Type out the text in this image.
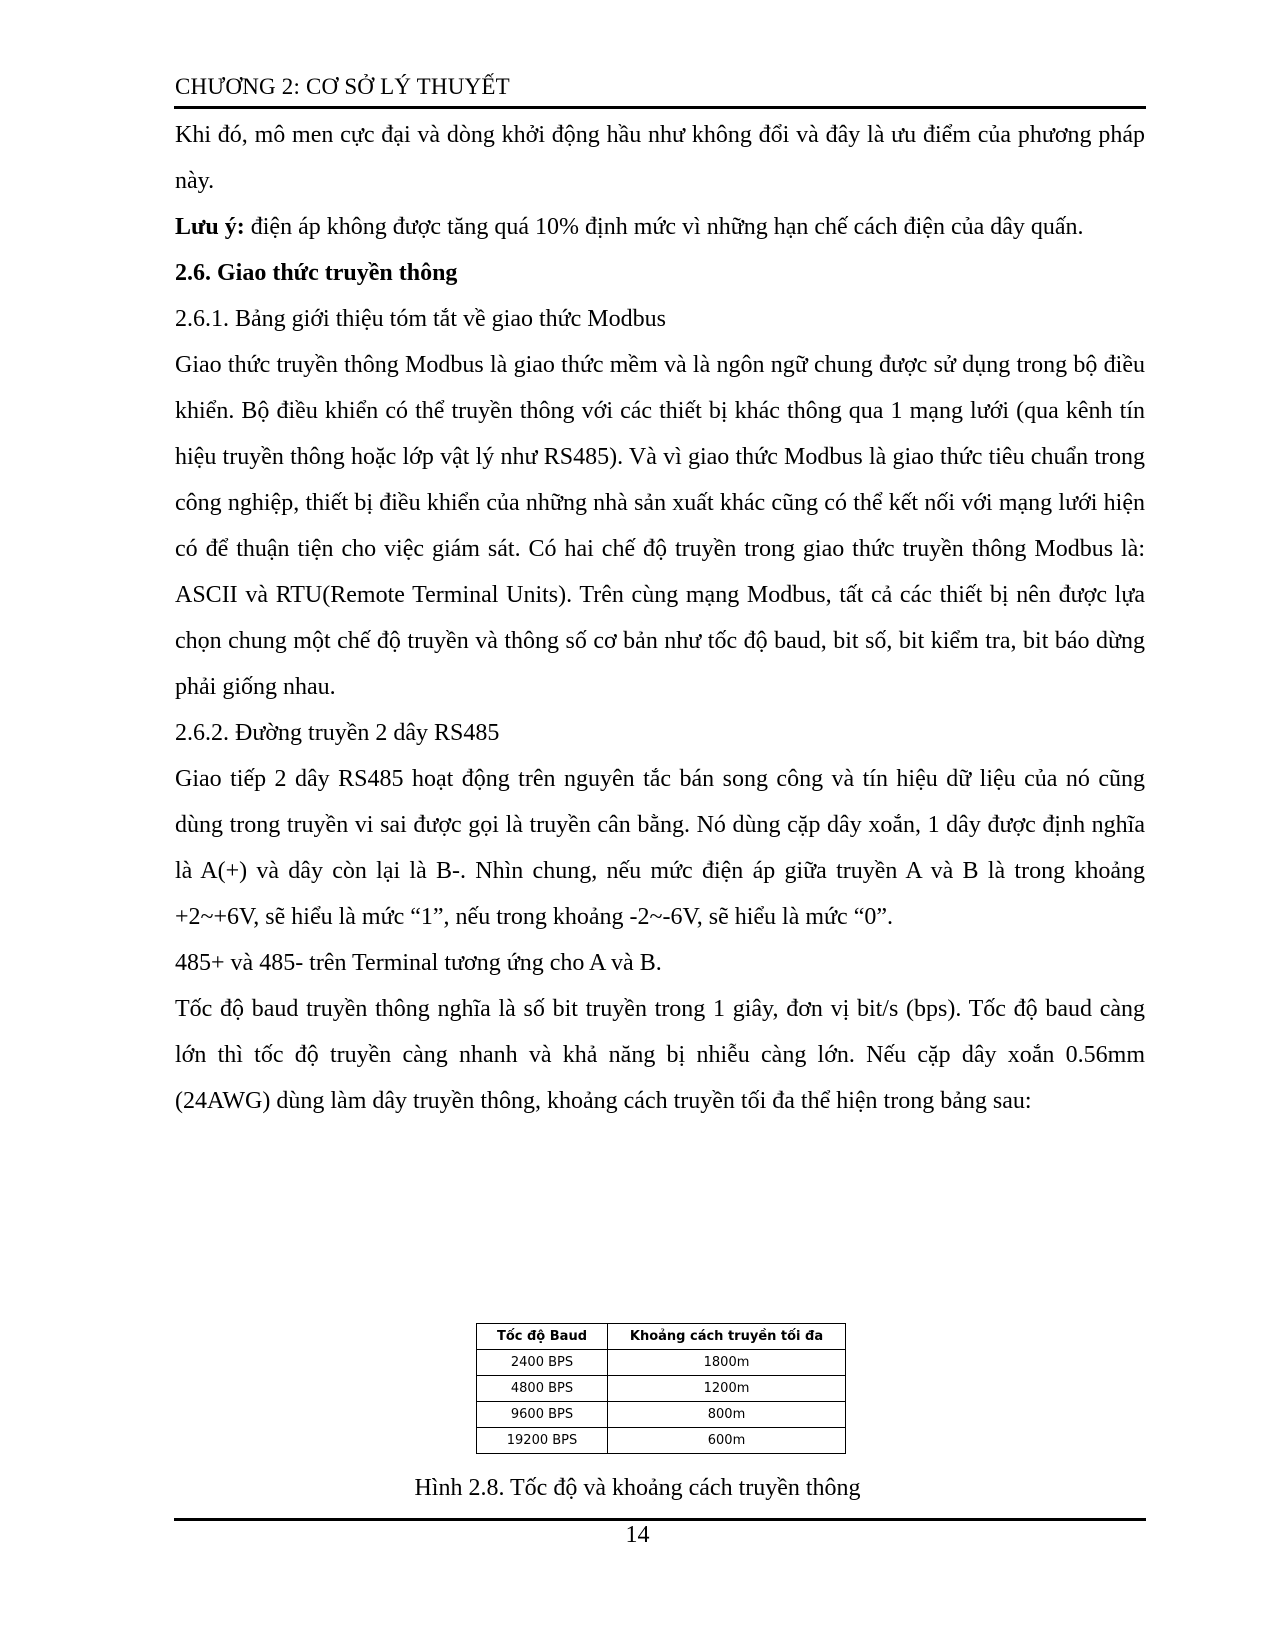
CHƯƠNG 2: CƠ SỞ LÝ THUYẾT

Khi đó, mô men cực đại và dòng khởi động hầu như không đổi và đây là ưu điểm của phương pháp này.

Lưu ý: điện áp không được tăng quá 10% định mức vì những hạn chế cách điện của dây quấn.

2.6. Giao thức truyền thông

2.6.1. Bảng giới thiệu tóm tắt về giao thức Modbus

Giao thức truyền thông Modbus là giao thức mềm và là ngôn ngữ chung được sử dụng trong bộ điều khiển. Bộ điều khiển có thể truyền thông với các thiết bị khác thông qua 1 mạng lưới (qua kênh tín hiệu truyền thông hoặc lớp vật lý như RS485). Và vì giao thức Modbus là giao thức tiêu chuẩn trong công nghiệp, thiết bị điều khiển của những nhà sản xuất khác cũng có thể kết nối với mạng lưới hiện có để thuận tiện cho việc giám sát. Có hai chế độ truyền trong giao thức truyền thông Modbus là: ASCII và RTU(Remote Terminal Units). Trên cùng mạng Modbus, tất cả các thiết bị nên được lựa chọn chung một chế độ truyền và thông số cơ bản như tốc độ baud, bit số, bit kiểm tra, bit báo dừng phải giống nhau.

2.6.2. Đường truyền 2 dây RS485

Giao tiếp 2 dây RS485 hoạt động trên nguyên tắc bán song công và tín hiệu dữ liệu của nó cũng dùng trong truyền vi sai được gọi là truyền cân bằng. Nó dùng cặp dây xoắn, 1 dây được định nghĩa là A(+) và dây còn lại là B-. Nhìn chung, nếu mức điện áp giữa truyền A và B là trong khoảng +2~+6V, sẽ hiểu là mức “1”, nếu trong khoảng -2~-6V, sẽ hiểu là mức “0”.

485+ và 485- trên Terminal tương ứng cho A và B.

Tốc độ baud truyền thông nghĩa là số bit truyền trong 1 giây, đơn vị bit/s (bps). Tốc độ baud càng lớn thì tốc độ truyền càng nhanh và khả năng bị nhiễu càng lớn. Nếu cặp dây xoắn 0.56mm (24AWG) dùng làm dây truyền thông, khoảng cách truyền tối đa thể hiện trong bảng sau:

Tốc độ Baud	Khoảng cách truyền tối đa
2400 BPS	1800m
4800 BPS	1200m
9600 BPS	800m
19200 BPS	600m
Hình 2.8. Tốc độ và khoảng cách truyền thông
14
